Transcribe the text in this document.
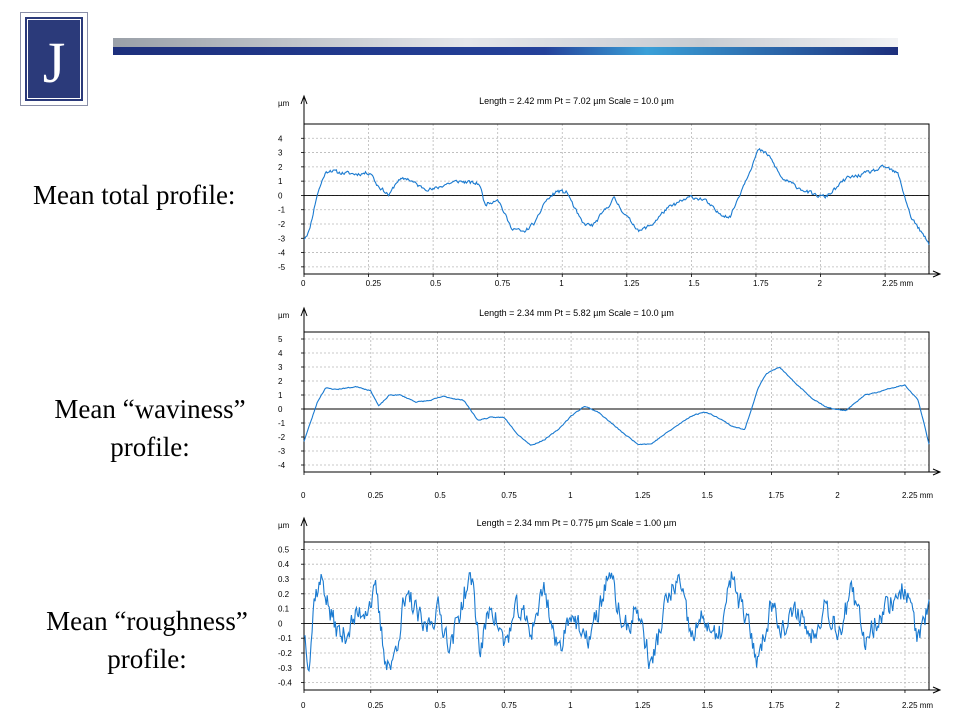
J
Mean total profile:
Mean “waviness”
profile:
Mean “roughness”
profile:
Length = 2.42 mm Pt = 7.02 µm Scale = 10.0 µm
µm
4
3
2
1
0
-1
-2
-3
-4
-5
0	0.25	0.5	0.75	1	1.25	1.5	1.75	2	2.25 mm
Length = 2.34 mm Pt = 5.82 µm Scale = 10.0 µm
µm
5
4
3
2
1
0
-1
-2
-3
-4
0	0.25	0.5	0.75	1	1.25	1.5	1.75	2	2.25 mm
Length = 2.34 mm Pt = 0.775 µm Scale = 1.00 µm
µm
0.5
0.4
0.3
0.2
0.1
0
-0.1
-0.2
-0.3
-0.4
0	0.25	0.5	0.75	1	1.25	1.5	1.75	2	2.25 mm
